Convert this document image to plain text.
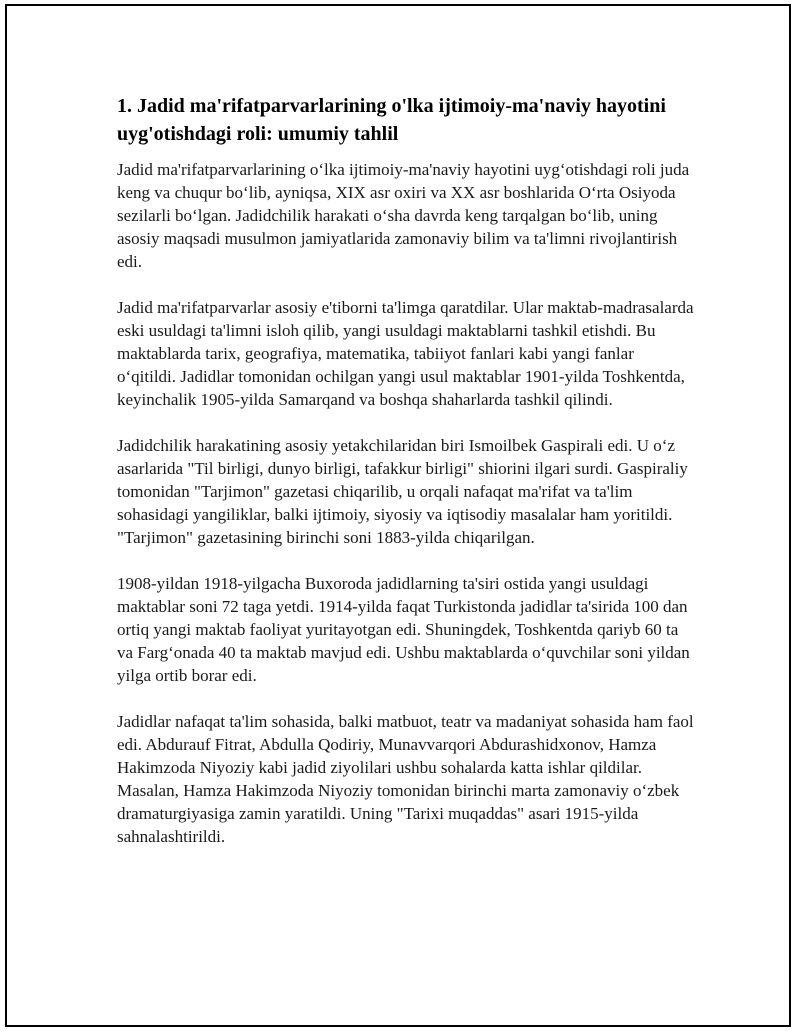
1. Jadid ma'rifatparvarlarining o'lka ijtimoiy-ma'naviy hayotini uyg'otishdagi roli: umumiy tahlil

Jadid ma'rifatparvarlarining o‘lka ijtimoiy-ma'naviy hayotini uyg‘otishdagi roli juda keng va chuqur bo‘lib, ayniqsa, XIX asr oxiri va XX asr boshlarida O‘rta Osiyoda sezilarli bo‘lgan. Jadidchilik harakati o‘sha davrda keng tarqalgan bo‘lib, uning asosiy maqsadi musulmon jamiyatlarida zamonaviy bilim va ta'limni rivojlantirish edi.

Jadid ma'rifatparvarlar asosiy e'tiborni ta'limga qaratdilar. Ular maktab-madrasalarda eski usuldagi ta'limni isloh qilib, yangi usuldagi maktablarni tashkil etishdi. Bu maktablarda tarix, geografiya, matematika, tabiiyot fanlari kabi yangi fanlar o‘qitildi. Jadidlar tomonidan ochilgan yangi usul maktablar 1901-yilda Toshkentda, keyinchalik 1905-yilda Samarqand va boshqa shaharlarda tashkil qilindi.

Jadidchilik harakatining asosiy yetakchilaridan biri Ismoilbek Gaspirali edi. U o‘z asarlarida "Til birligi, dunyo birligi, tafakkur birligi" shiorini ilgari surdi. Gaspiraliy tomonidan "Tarjimon" gazetasi chiqarilib, u orqali nafaqat ma'rifat va ta'lim sohasidagi yangiliklar, balki ijtimoiy, siyosiy va iqtisodiy masalalar ham yoritildi. "Tarjimon" gazetasining birinchi soni 1883-yilda chiqarilgan.

1908-yildan 1918-yilgacha Buxoroda jadidlarning ta'siri ostida yangi usuldagi maktablar soni 72 taga yetdi. 1914-yilda faqat Turkistonda jadidlar ta'sirida 100 dan ortiq yangi maktab faoliyat yuritayotgan edi. Shuningdek, Toshkentda qariyb 60 ta va Farg‘onada 40 ta maktab mavjud edi. Ushbu maktablarda o‘quvchilar soni yildan yilga ortib borar edi.

Jadidlar nafaqat ta'lim sohasida, balki matbuot, teatr va madaniyat sohasida ham faol edi. Abdurauf Fitrat, Abdulla Qodiriy, Munavvarqori Abdurashidxonov, Hamza Hakimzoda Niyoziy kabi jadid ziyolilari ushbu sohalarda katta ishlar qildilar. Masalan, Hamza Hakimzoda Niyoziy tomonidan birinchi marta zamonaviy o‘zbek dramaturgiyasiga zamin yaratildi. Uning "Tarixi muqaddas" asari 1915-yilda sahnalashtirildi.
